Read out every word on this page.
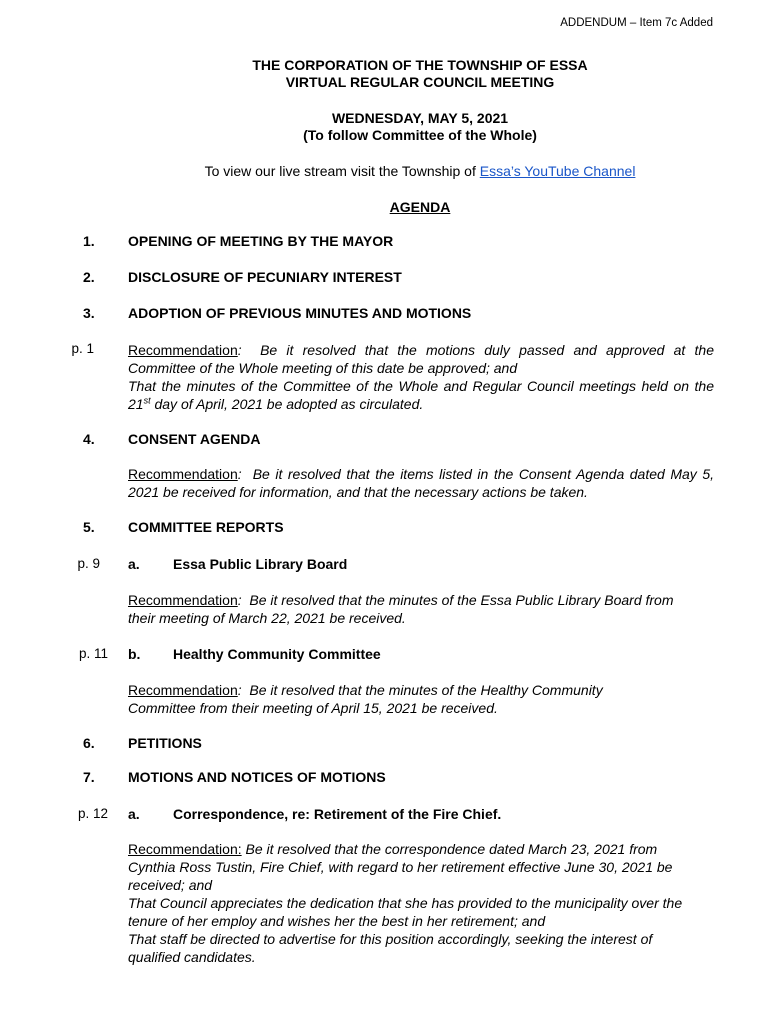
ADDENDUM – Item 7c Added
THE CORPORATION OF THE TOWNSHIP OF ESSA
VIRTUAL REGULAR COUNCIL MEETING
WEDNESDAY, MAY 5, 2021
(To follow Committee of the Whole)
To view our live stream visit the Township of Essa’s YouTube Channel
AGENDA
1. OPENING OF MEETING BY THE MAYOR
2. DISCLOSURE OF PECUNIARY INTEREST
3. ADOPTION OF PREVIOUS MINUTES AND MOTIONS
p. 1 Recommendation:  Be it resolved that the motions duly passed and approved at the Committee of the Whole meeting of this date be approved; and
That the minutes of the Committee of the Whole and Regular Council meetings held on the 21st day of April, 2021 be adopted as circulated.
4. CONSENT AGENDA
Recommendation:  Be it resolved that the items listed in the Consent Agenda dated May 5, 2021 be received for information, and that the necessary actions be taken.
5. COMMITTEE REPORTS
p. 9 a. Essa Public Library Board
Recommendation:  Be it resolved that the minutes of the Essa Public Library Board from their meeting of March 22, 2021 be received.
p. 11 b. Healthy Community Committee
Recommendation:  Be it resolved that the minutes of the Healthy Community Committee from their meeting of April 15, 2021 be received.
6. PETITIONS
7. MOTIONS AND NOTICES OF MOTIONS
p. 12 a. Correspondence, re: Retirement of the Fire Chief.
Recommendation: Be it resolved that the correspondence dated March 23, 2021 from Cynthia Ross Tustin, Fire Chief, with regard to her retirement effective June 30, 2021 be received; and
That Council appreciates the dedication that she has provided to the municipality over the tenure of her employ and wishes her the best in her retirement; and
That staff be directed to advertise for this position accordingly, seeking the interest of qualified candidates.
